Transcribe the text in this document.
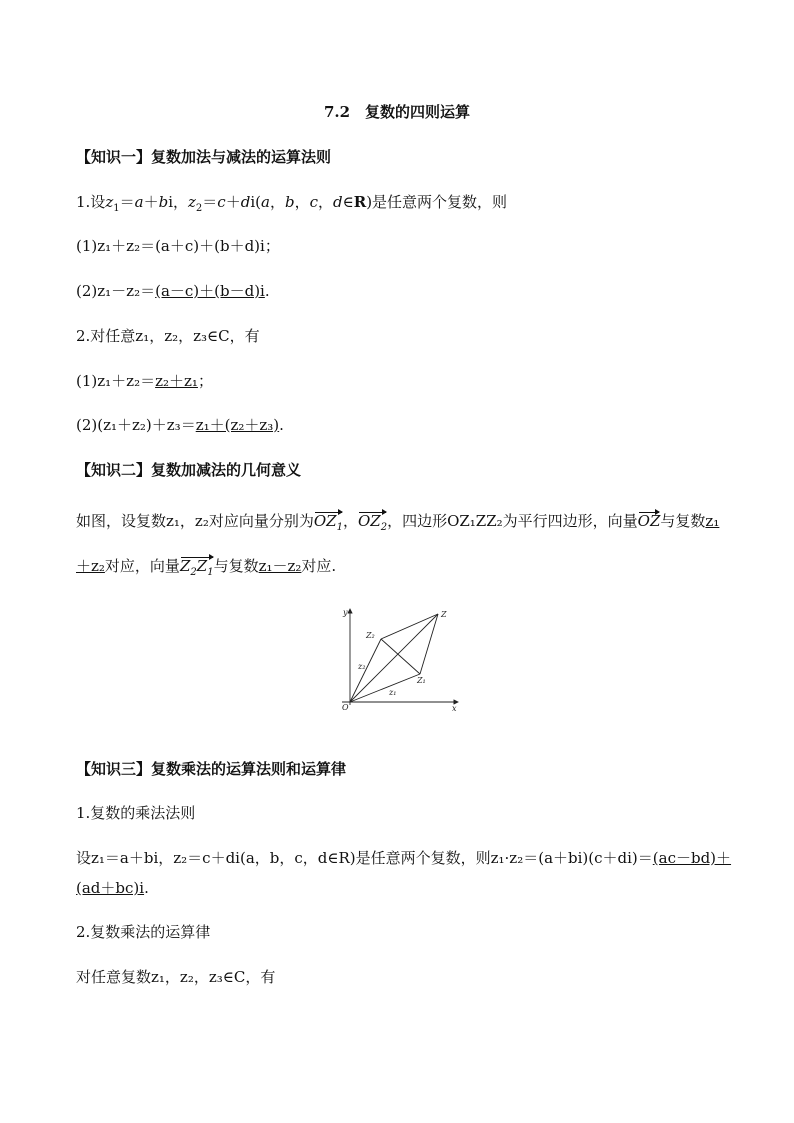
7.2　复数的四则运算
【知识一】复数加法与减法的运算法则
1.设$z_1=a+bi$，$z_2=c+di(a$，b，c，d∈R)是任意两个复数，则
(1)z₁＋z₂＝(a＋c)＋(b＋d)i；
(2)z₁－z₂＝(a－c)＋(b－d)i.
2.对任意z₁，z₂，z₃∈C，有
(1)z₁＋z₂＝z₂＋z₁；
(2)(z₁＋z₂)＋z₃＝z₁＋(z₂＋z₃).
【知识二】复数加减法的几何意义
如图，设复数z₁，z₂对应向量分别为$OZ_1$，$OZ_2$，四边形OZ₁ZZ₂为平行四边形，向量OZ与复数z₁
＋z₂对应，向量$Z_2Z_1$与复数z₁－z₂对应.
y
x
O
Z
Z₁
Z₂
z₁
z₂
【知识三】复数乘法的运算法则和运算律
1.复数的乘法法则
设z₁＝a＋bi，z₂＝c＋di(a，b，c，d∈R)是任意两个复数，则z₁·z₂＝(a＋bi)(c＋di)＝(ac－bd)＋
(ad＋bc)i.
2.复数乘法的运算律
对任意复数z₁，z₂，z₃∈C，有
